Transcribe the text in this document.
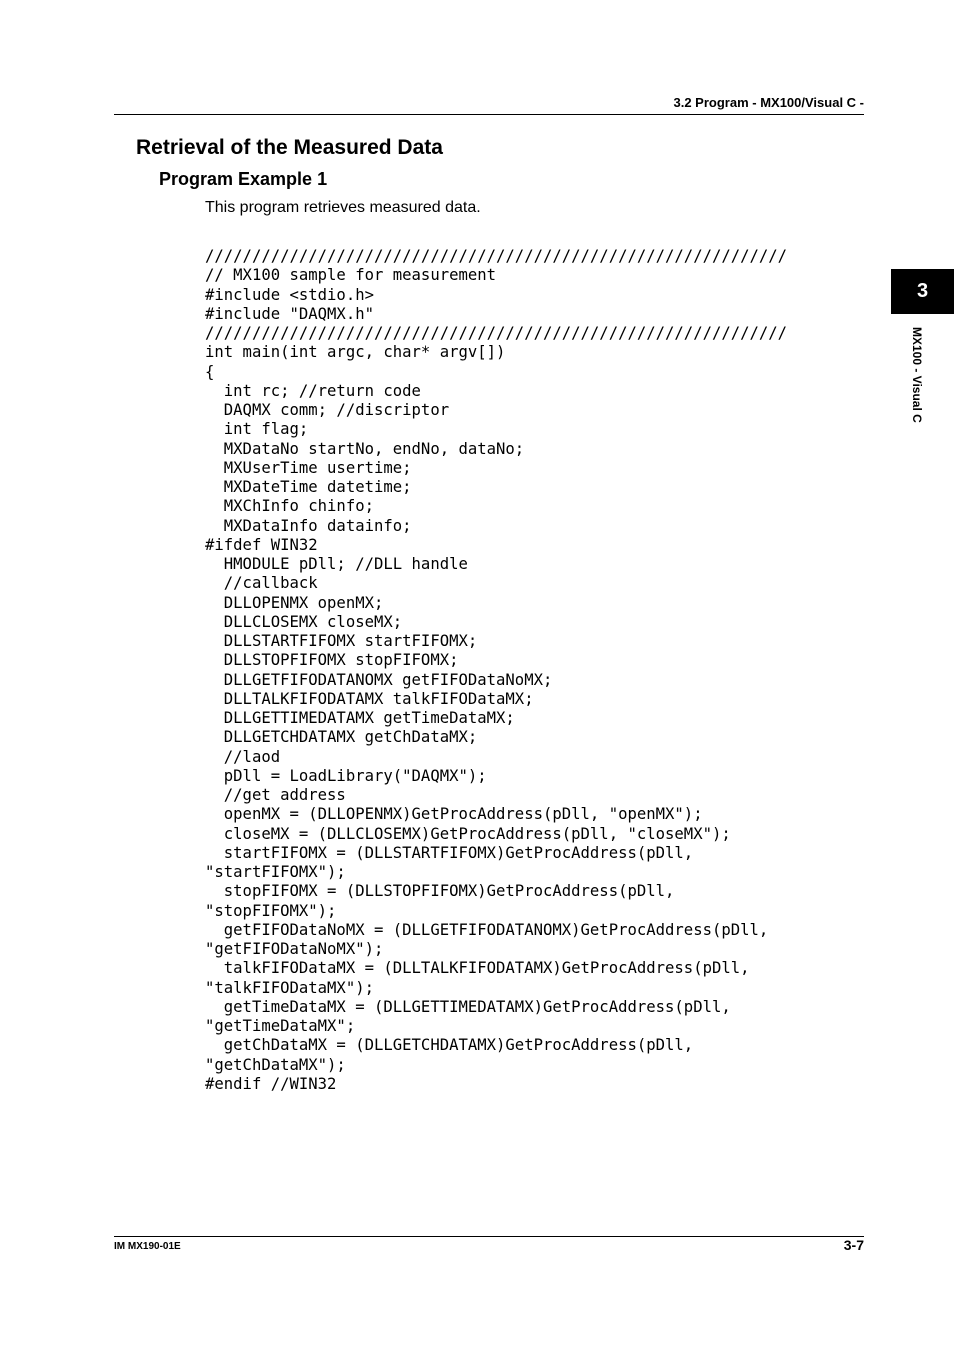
3.2 Program - MX100/Visual C -
3
MX100 - Visual C
Retrieval of the Measured Data
Program Example 1

This program retrieves measured data.

//////////////////////////////////////////////////////////////
// MX100 sample for measurement
#include <stdio.h>
#include "DAQMX.h"
//////////////////////////////////////////////////////////////
int main(int argc, char* argv[])
{
int rc; //return code
DAQMX comm; //discriptor
int flag;
MXDataNo startNo, endNo, dataNo;
MXUserTime usertime;
MXDateTime datetime;
MXChInfo chinfo;
MXDataInfo datainfo;
#ifdef WIN32
HMODULE pDll; //DLL handle
//callback
DLLOPENMX openMX;
DLLCLOSEMX closeMX;
DLLSTARTFIFOMX startFIFOMX;
DLLSTOPFIFOMX stopFIFOMX;
DLLGETFIFODATANOMX getFIFODataNoMX;
DLLTALKFIFODATAMX talkFIFODataMX;
DLLGETTIMEDATAMX getTimeDataMX;
DLLGETCHDATAMX getChDataMX;
//laod
pDll = LoadLibrary("DAQMX");
//get address
openMX = (DLLOPENMX)GetProcAddress(pDll, "openMX");
closeMX = (DLLCLOSEMX)GetProcAddress(pDll, "closeMX");
startFIFOMX = (DLLSTARTFIFOMX)GetProcAddress(pDll,
"startFIFOMX");
stopFIFOMX = (DLLSTOPFIFOMX)GetProcAddress(pDll,
"stopFIFOMX");
getFIFODataNoMX = (DLLGETFIFODATANOMX)GetProcAddress(pDll,
"getFIFODataNoMX");
talkFIFODataMX = (DLLTALKFIFODATAMX)GetProcAddress(pDll,
"talkFIFODataMX");
getTimeDataMX = (DLLGETTIMEDATAMX)GetProcAddress(pDll,
"getTimeDataMX";
getChDataMX = (DLLGETCHDATAMX)GetProcAddress(pDll,
"getChDataMX");
#endif //WIN32
IM MX190-01E	3-7
